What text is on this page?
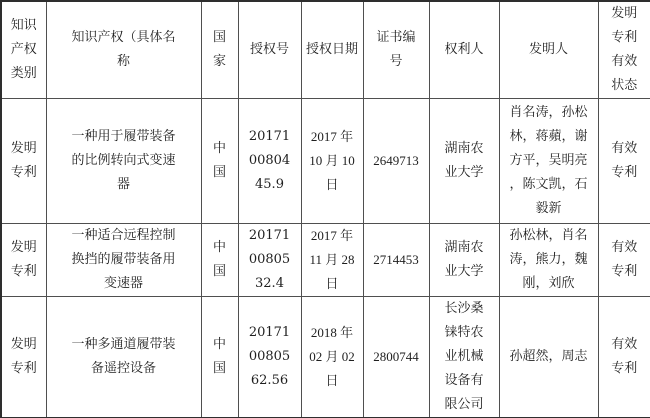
知识产权类别	知识产权（具体名称	国家	授权号	授权日期	证书编号	权利人	发明人	发明专利有效状态
发明专利	一种用于履带装备的比例转向式变速器	中国	201710080445.9	2017 年 10 月 10 日	2649713	湖南农业大学	肖名涛，孙松林，蒋蘋，谢方平，吴明亮，陈文凯，石毅新	有效专利
发明专利	一种适合远程控制换挡的履带装备用变速器	中国	201710080532.4	2017 年 11 月 28 日	2714453	湖南农业大学	孙松林，肖名涛，熊力，魏刚，刘欣	有效专利
发明专利	一种多通道履带装备遥控设备	中国	201710080562.56	2018 年 02 月 02 日	2800744	长沙桑铼特农业机械设备有限公司	孙超然，周志	有效专利
